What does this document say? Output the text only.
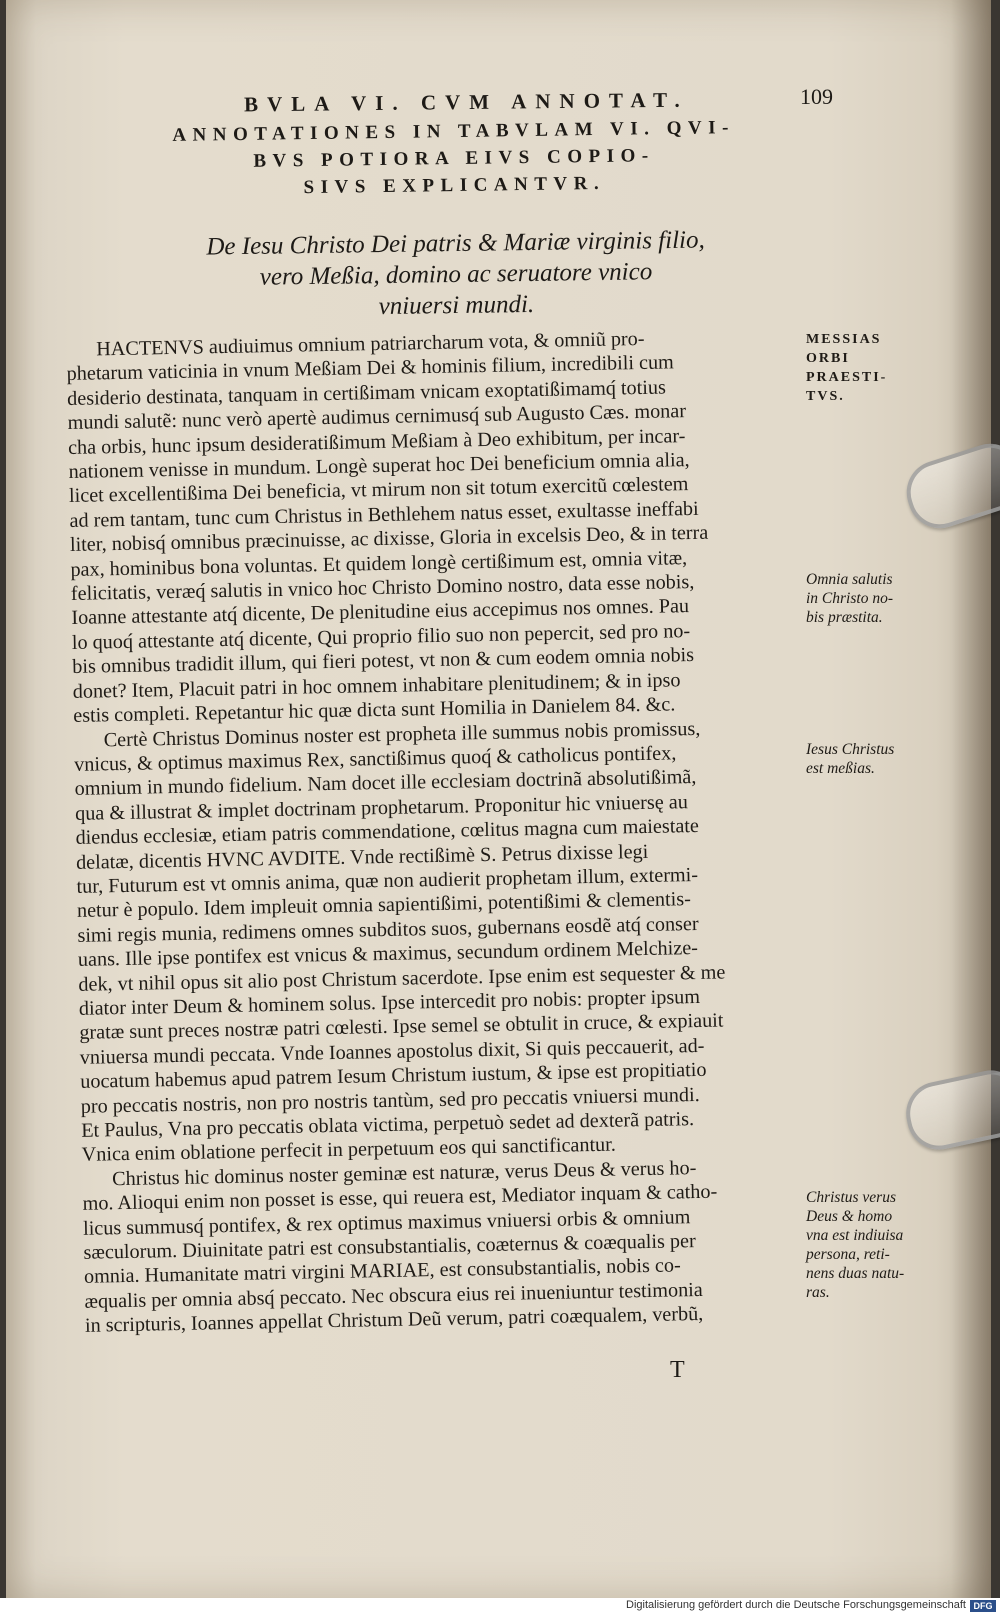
BVLA VI. CVM ANNOTAT.	109
ANNOTATIONES IN TABVLAM VI. QVI-
BVS POTIORA EIVS COPIO-
SIVS EXPLICANTVR.
De Iesu Christo Dei patris & Mariæ virginis filio,
vero Meßia, domino ac seruatore vnico
vniuersi mundi.
HACTENVS audiuimus omnium patriarcharum vota, & omniũ pro-
phetarum vaticinia in vnum Meßiam Dei & hominis filium, incredibili cum
desiderio destinata, tanquam in certißimam vnicam exoptatißimamq́ totius
mundi salutẽ: nunc verò apertè audimus cernimusq́ sub Augusto Cæs. monar
cha orbis, hunc ipsum desideratißimum Meßiam à Deo exhibitum, per incar-
nationem venisse in mundum. Longè superat hoc Dei beneficium omnia alia,
licet excellentißima Dei beneficia, vt mirum non sit totum exercitũ cœlestem
ad rem tantam, tunc cum Christus in Bethlehem natus esset, exultasse ineffabi
liter, nobisq́ omnibus præcinuisse, ac dixisse, Gloria in excelsis Deo, & in terra
pax, hominibus bona voluntas. Et quidem longè certißimum est, omnia vitæ,
felicitatis, veræq́ salutis in vnico hoc Christo Domino nostro, data esse nobis,
Ioanne attestante atq́ dicente, De plenitudine eius accepimus nos omnes. Pau
lo quoq́ attestante atq́ dicente, Qui proprio filio suo non pepercit, sed pro no-
bis omnibus tradidit illum, qui fieri potest, vt non & cum eodem omnia nobis
donet? Item, Placuit patri in hoc omnem inhabitare plenitudinem; & in ipso
estis completi. Repetantur hic quæ dicta sunt Homilia in Danielem 84. &c.
Certè Christus Dominus noster est propheta ille summus nobis promissus,
vnicus, & optimus maximus Rex, sanctißimus quoq́ & catholicus pontifex,
omnium in mundo fidelium. Nam docet ille ecclesiam doctrinã absolutißimã,
qua & illustrat & implet doctrinam prophetarum. Proponitur hic vniuersę au
diendus ecclesiæ, etiam patris commendatione, cœlitus magna cum maiestate
delatæ, dicentis HVNC AVDITE. Vnde rectißimè S. Petrus dixisse legi
tur, Futurum est vt omnis anima, quæ non audierit prophetam illum, extermi-
netur è populo. Idem impleuit omnia sapientißimi, potentißimi & clementis-
simi regis munia, redimens omnes subditos suos, gubernans eosdẽ atq́ conser
uans. Ille ipse pontifex est vnicus & maximus, secundum ordinem Melchize-
dek, vt nihil opus sit alio post Christum sacerdote. Ipse enim est sequester & me
diator inter Deum & hominem solus. Ipse intercedit pro nobis: propter ipsum
gratæ sunt preces nostræ patri cœlesti. Ipse semel se obtulit in cruce, & expiauit
vniuersa mundi peccata. Vnde Ioannes apostolus dixit, Si quis peccauerit, ad-
uocatum habemus apud patrem Iesum Christum iustum, & ipse est propitiatio
pro peccatis nostris, non pro nostris tantùm, sed pro peccatis vniuersi mundi.
Et Paulus, Vna pro peccatis oblata victima, perpetuò sedet ad dexterã patris.
Vnica enim oblatione perfecit in perpetuum eos qui sanctificantur.
Christus hic dominus noster geminæ est naturæ, verus Deus & verus ho-
mo. Alioqui enim non posset is esse, qui reuera est, Mediator inquam & catho-
licus summusq́ pontifex, & rex optimus maximus vniuersi orbis & omnium
sæculorum. Diuinitate patri est consubstantialis, coæternus & coæqualis per
omnia. Humanitate matri virgini MARIAE, est consubstantialis, nobis co-
æqualis per omnia absq́ peccato. Nec obscura eius rei inueniuntur testimonia
in scripturis, Ioannes appellat Christum Deũ verum, patri coæqualem, verbũ,
MESSIAS
ORBI
PRAESTI-
TVS.
Omnia salutis
in Christo no-
bis præstita.
Iesus Christus
est meßias.
Christus verus
Deus & homo
vna est indiuisa
persona, reti-
nens duas natu-
ras.
T
Digitalisierung gefördert durch die Deutsche Forschungsgemeinschaft DFG
